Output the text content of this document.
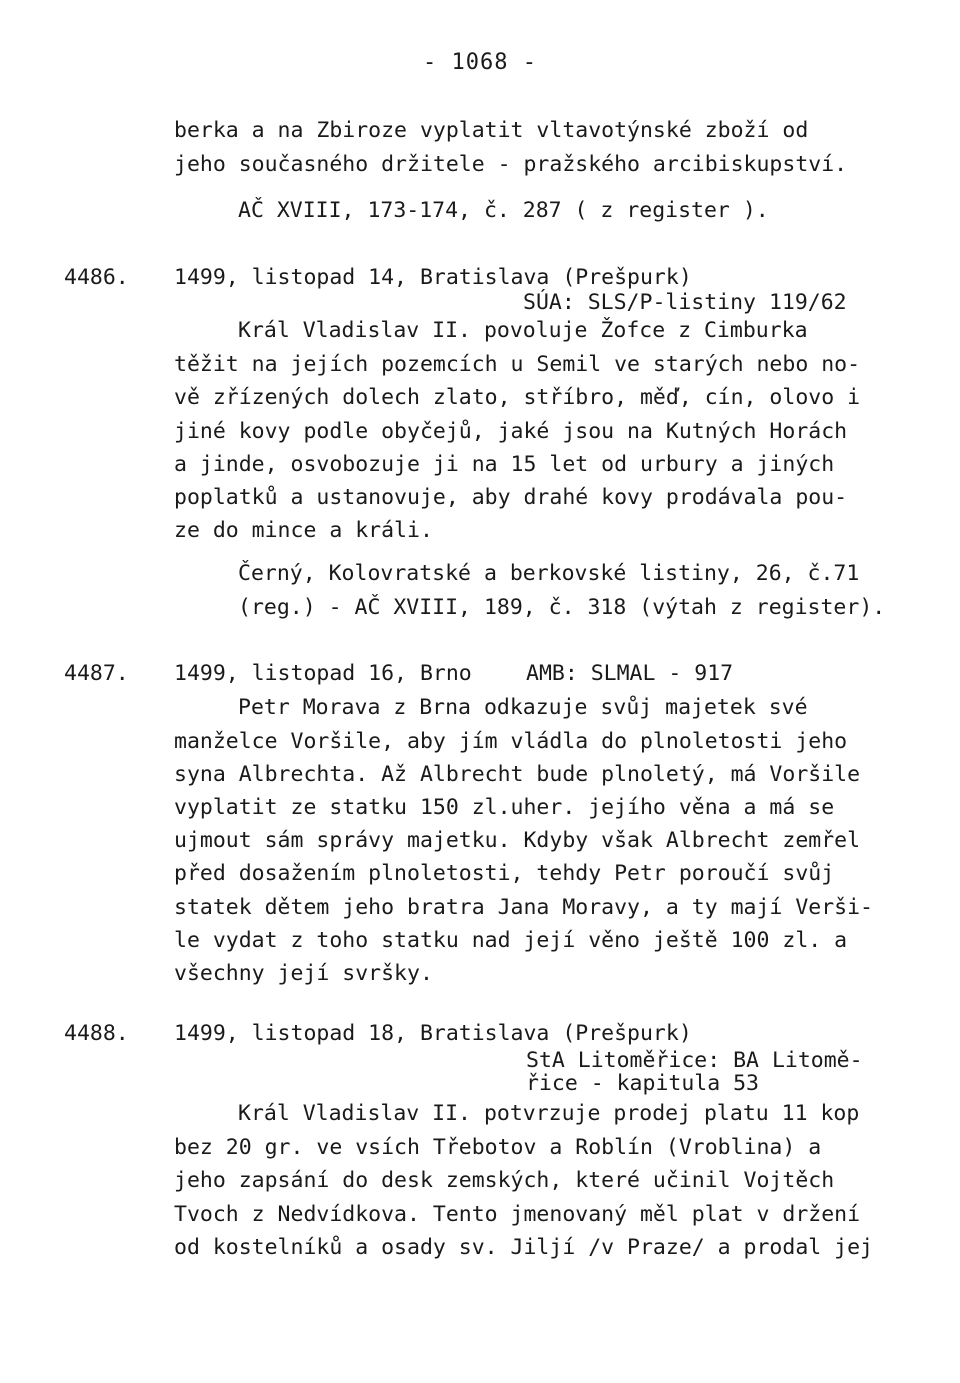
- 1068 -
berka a na Zbiroze vyplatit vltavotýnské zboží od
jeho současného držitele - pražského arcibiskupství.
AČ XVIII, 173-174, č. 287 ( z register ).
4486. 1499, listopad 14, Bratislava (Prešpurk)
SÚA: SLS/P-listiny 119/62
Král Vladislav II. povoluje Žofce z Cimburka
těžit na jejích pozemcích u Semil ve starých nebo no-
vě zřízených dolech zlato, stříbro, měď, cín, olovo i
jiné kovy podle obyčejů, jaké jsou na Kutných Horách
a jinde, osvobozuje ji na 15 let od urbury a jiných
poplatků a ustanovuje, aby drahé kovy prodávala pou-
ze do mince a králi.
Černý, Kolovratské a berkovské listiny, 26, č.71
(reg.) - AČ XVIII, 189, č. 318 (výtah z register).
4487. 1499, listopad 16, Brno	AMB: SLMAL - 917
Petr Morava z Brna odkazuje svůj majetek své
manželce Voršile, aby jím vládla do plnoletosti jeho
syna Albrechta. Až Albrecht bude plnoletý, má Voršile
vyplatit ze statku 150 zl.uher. jejího věna a má se
ujmout sám správy majetku. Kdyby však Albrecht zemřel
před dosažením plnoletosti, tehdy Petr poroučí svůj
statek dětem jeho bratra Jana Moravy, a ty mají Verši-
le vydat z toho statku nad její věno ještě 100 zl. a
všechny její svršky.
4488. 1499, listopad 18, Bratislava (Prešpurk)
StA Litoměřice: BA Litomě-
řice - kapitula 53
Král Vladislav II. potvrzuje prodej platu 11 kop
bez 20 gr. ve vsích Třebotov a Roblín (Vroblina) a
jeho zapsání do desk zemských, které učinil Vojtěch
Tvoch z Nedvídkova. Tento jmenovaný měl plat v držení
od kostelníků a osady sv. Jiljí /v Praze/ a prodal jej
